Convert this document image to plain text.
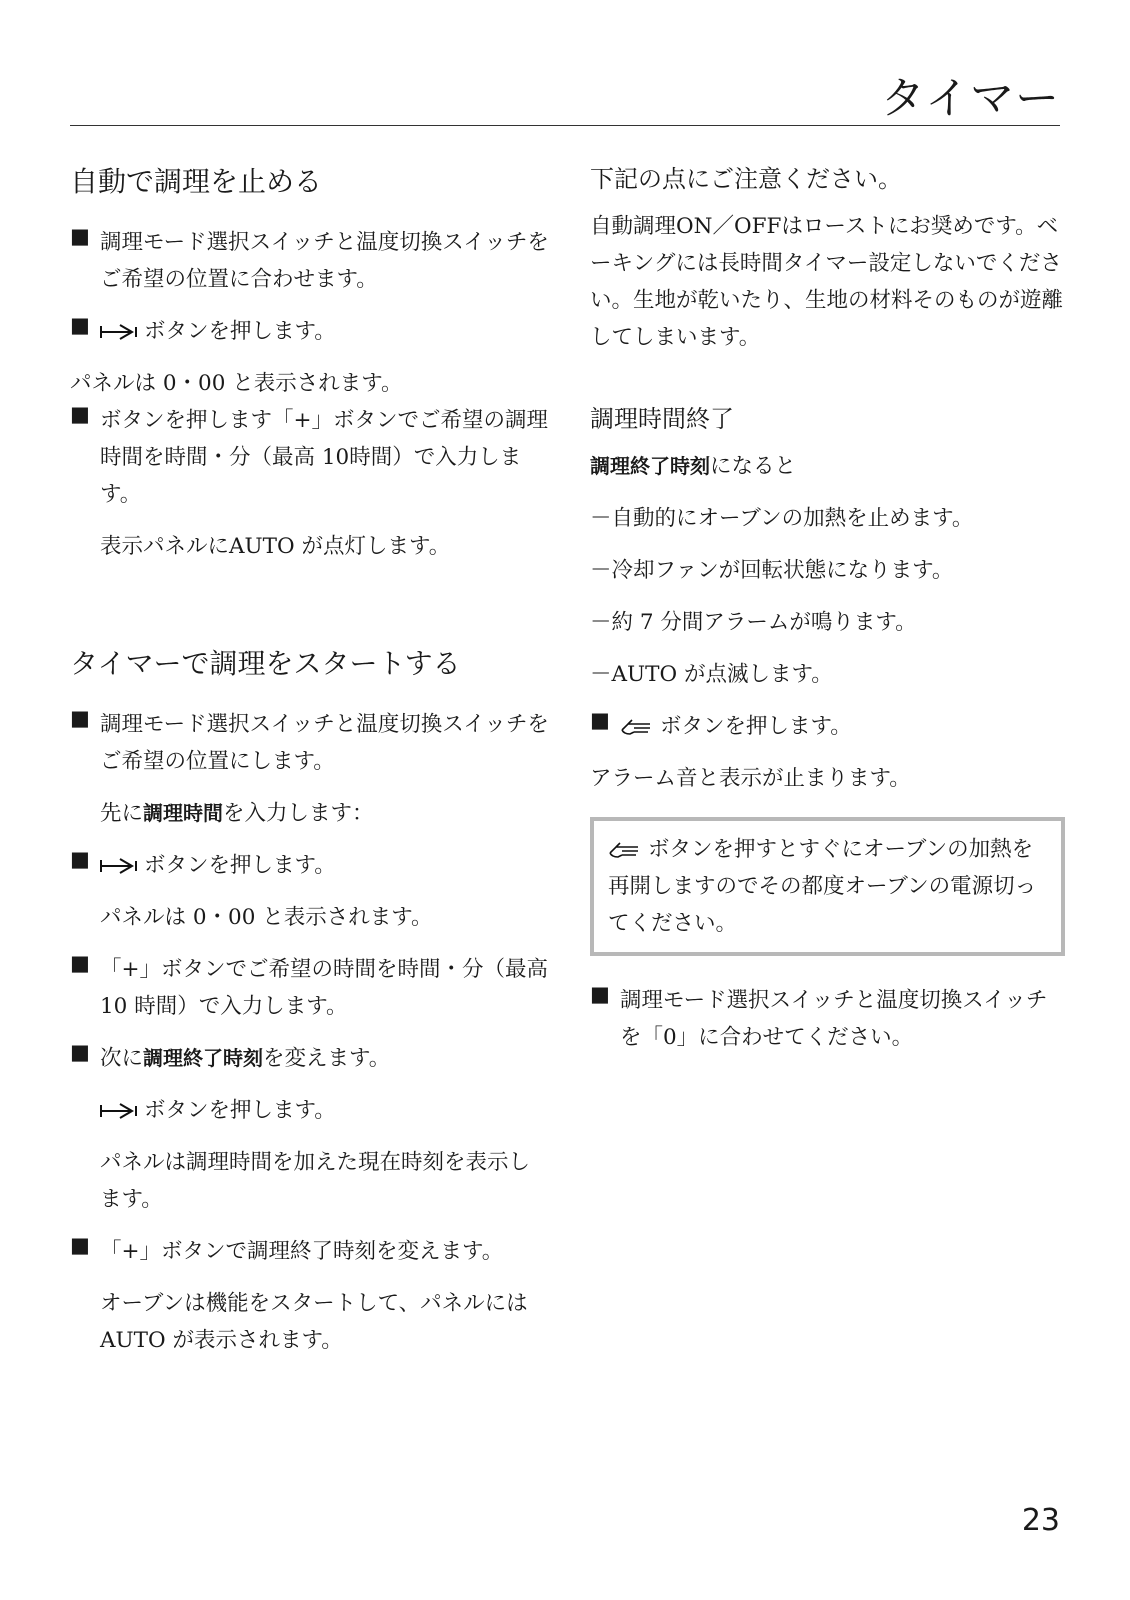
タイマー
自動で調理を止める
■ 調理モード選択スイッチと温度切換スイッチをご希望の位置に合わせます。

■	ボタンを押します。

パネルは 0・00 と表示されます。

■ ボタンを押します「+」ボタンでご希望の調理時間を時間・分（最高 10時間）で入力します。

表示パネルにAUTO が点灯します。

タイマーで調理をスタートする
■ 調理モード選択スイッチと温度切換スイッチをご希望の位置にします。

先に調理時間を入力します：

■	ボタンを押します。

パネルは 0・00 と表示されます。

■ 「+」ボタンでご希望の時間を時間・分（最高 10 時間）で入力します。

■ 次に調理終了時刻を変えます。

ボタンを押します。

パネルは調理時間を加えた現在時刻を表示します。

■ 「+」ボタンで調理終了時刻を変えます。

オーブンは機能をスタートして、パネルにはAUTO が表示されます。

下記の点にご注意ください。

自動調理ON／OFFはローストにお奨めです。ベーキングには長時間タイマー設定しないでください。生地が乾いたり、生地の材料そのものが遊離してしまいます。

調理時間終了

調理終了時刻になると

－自動的にオーブンの加熱を止めます。

－冷却ファンが回転状態になります。

－約 7 分間アラームが鳴ります。

－AUTO が点滅します。

■	ボタンを押します。

アラーム音と表示が止まります。

ボタンを押すとすぐにオーブンの加熱を再開しますのでその都度オーブンの電源切ってください。

■ 調理モード選択スイッチと温度切換スイッチを「0」に合わせてください。

23
